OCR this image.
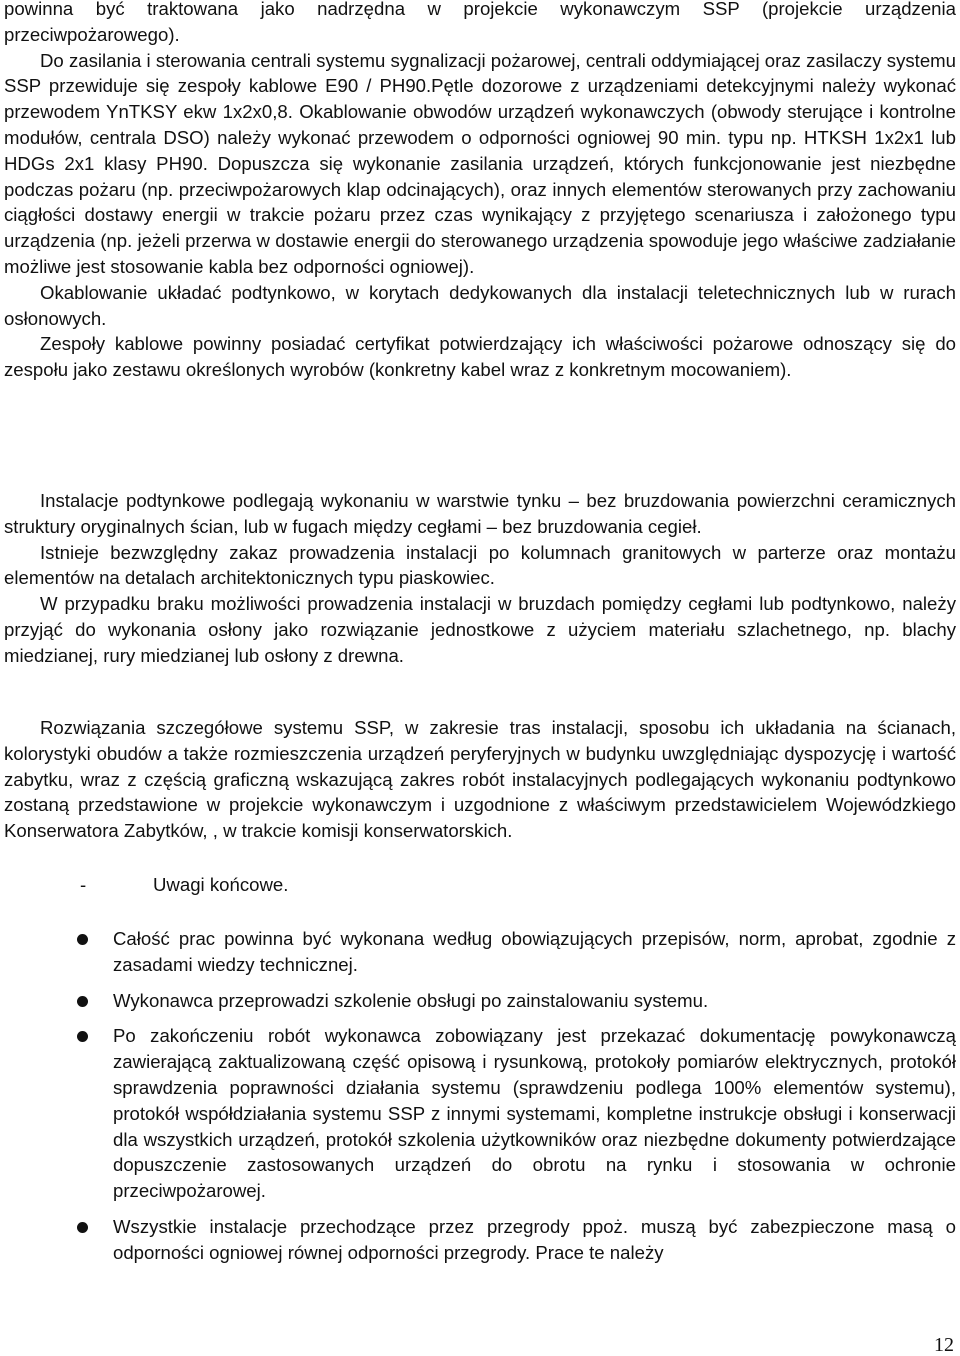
powinna być traktowana jako nadrzędna w projekcie wykonawczym SSP (projekcie urządzenia przeciwpożarowego).

Do zasilania i sterowania centrali systemu sygnalizacji pożarowej, centrali oddymiającej oraz zasilaczy systemu SSP przewiduje się zespoły kablowe E90 / PH90.Pętle dozorowe z urządzeniami detekcyjnymi należy wykonać przewodem YnTKSY ekw 1x2x0,8. Okablowanie obwodów urządzeń wykonawczych (obwody sterujące i kontrolne modułów, centrala DSO) należy wykonać przewodem o odporności ogniowej 90 min. typu np. HTKSH 1x2x1 lub HDGs 2x1 klasy PH90. Dopuszcza się wykonanie zasilania urządzeń, których funkcjonowanie jest niezbędne podczas pożaru (np. przeciwpożarowych klap odcinających), oraz innych elementów sterowanych przy zachowaniu ciągłości dostawy energii w trakcie pożaru przez czas wynikający z przyjętego scenariusza i założonego typu urządzenia (np. jeżeli przerwa w dostawie energii do sterowanego urządzenia spowoduje jego właściwe zadziałanie możliwe jest stosowanie kabla bez odporności ogniowej).

Okablowanie układać podtynkowo, w korytach dedykowanych dla instalacji teletechnicznych lub w rurach osłonowych.

Zespoły kablowe powinny posiadać certyfikat potwierdzający ich właściwości pożarowe odnoszący się do zespołu jako zestawu określonych wyrobów (konkretny kabel wraz z konkretnym mocowaniem).

Instalacje podtynkowe podlegają wykonaniu w warstwie tynku – bez bruzdowania powierzchni ceramicznych struktury oryginalnych ścian, lub w fugach między cegłami – bez bruzdowania cegieł.

Istnieje bezwzględny zakaz prowadzenia instalacji po kolumnach granitowych w parterze oraz montażu elementów na detalach architektonicznych typu piaskowiec.

W przypadku braku możliwości prowadzenia instalacji w bruzdach pomiędzy cegłami lub podtynkowo, należy przyjąć do wykonania osłony jako rozwiązanie jednostkowe z użyciem materiału szlachetnego, np. blachy miedzianej, rury miedzianej lub osłony z drewna.

Rozwiązania szczegółowe systemu SSP, w zakresie tras instalacji, sposobu ich układania na ścianach, kolorystyki obudów a także rozmieszczenia urządzeń peryferyjnych w budynku uwzględniając dyspozycję i wartość zabytku, wraz z częścią graficzną wskazującą zakres robót instalacyjnych podlegających wykonaniu podtynkowo zostaną przedstawione w projekcie wykonawczym i uzgodnione z właściwym przedstawicielem Wojewódzkiego Konserwatora Zabytków, , w trakcie komisji konserwatorskich.

-	Uwagi końcowe.
Całość prac powinna być wykonana według obowiązujących przepisów, norm, aprobat, zgodnie z zasadami wiedzy technicznej.
Wykonawca przeprowadzi szkolenie obsługi po zainstalowaniu systemu.
Po zakończeniu robót wykonawca zobowiązany jest przekazać dokumentację powykonawczą zawierającą zaktualizowaną część opisową i rysunkową, protokoły pomiarów elektrycznych, protokół sprawdzenia poprawności działania systemu (sprawdzeniu podlega 100% elementów systemu), protokół współdziałania systemu SSP z innymi systemami, kompletne instrukcje obsługi i konserwacji dla wszystkich urządzeń, protokół szkolenia użytkowników oraz niezbędne dokumenty potwierdzające dopuszczenie zastosowanych urządzeń do obrotu na rynku i stosowania w ochronie przeciwpożarowej.
Wszystkie instalacje przechodzące przez przegrody ppoż. muszą być zabezpieczone masą o odporności ogniowej równej odporności przegrody. Prace te należy
12
